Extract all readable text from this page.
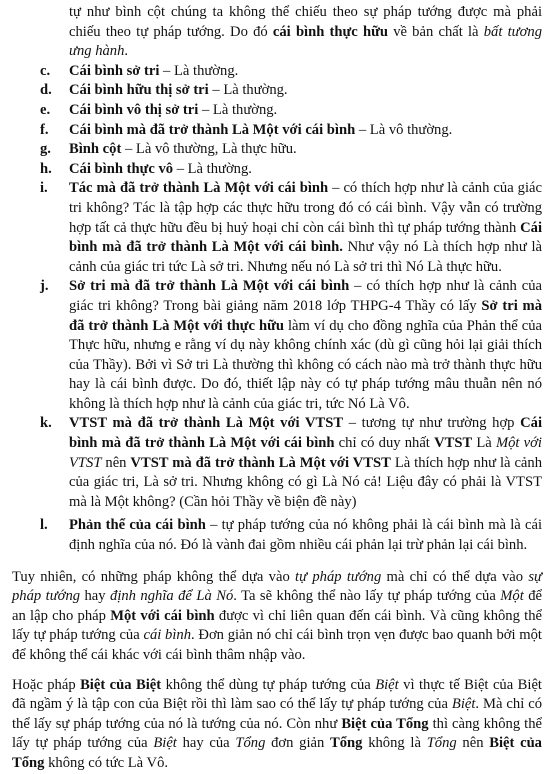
tự như bình cột chúng ta không thể chiếu theo sự pháp tướng được mà phải chiếu theo tự pháp tướng. Do đó cái bình thực hữu về bản chất là bất tương ưng hành.
c. Cái bình sở tri – Là thường.
d. Cái bình hữu thị sở tri – Là thường.
e. Cái bình vô thị sở tri – Là thường.
f. Cái bình mà đã trở thành Là Một với cái bình – Là vô thường.
g. Bình cột – Là vô thường, Là thực hữu.
h. Cái bình thực vô – Là thường.
i. Tác mà đã trở thành Là Một với cái bình – có thích hợp như là cảnh của giác tri không? Tác là tập hợp các thực hữu trong đó có cái bình. Vậy vẫn có trường hợp tất cả thực hữu đều bị huỷ hoại chỉ còn cái bình thì tự pháp tướng thành Cái bình mà đã trở thành Là Một với cái bình. Như vậy nó Là thích hợp như là cảnh của giác tri tức Là sở tri. Nhưng nếu nó Là sở tri thì Nó Là thực hữu.
j. Sở tri mà đã trở thành Là Một với cái bình – có thích hợp như là cảnh của giác tri không? Trong bài giảng năm 2018 lớp THPG-4 Thầy có lấy Sở tri mà đã trở thành Là Một với thực hữu làm ví dụ cho đồng nghĩa của Phản thể của Thực hữu, nhưng e rằng ví dụ này không chính xác (dù gì cũng hỏi lại giải thích của Thầy). Bởi vì Sở tri Là thường thì không có cách nào mà trở thành thực hữu hay là cái bình được. Do đó, thiết lập này có tự pháp tướng mâu thuẫn nên nó không là thích hợp như là cảnh của giác tri, tức Nó Là Vô.
k. VTST mà đã trở thành Là Một với VTST – tương tự như trường hợp Cái bình mà đã trở thành Là Một với cái bình chỉ có duy nhất VTST Là Một với VTST nên VTST mà đã trở thành Là Một với VTST Là thích hợp như là cảnh của giác tri, Là sở tri. Nhưng không có gì Là Nó cả! Liệu đây có phải là VTST mà là Một không? (Cần hỏi Thầy về biện đề này)
l. Phản thể của cái bình – tự pháp tướng của nó không phải là cái bình mà là cái định nghĩa của nó. Đó là vành đai gồm nhiều cái phản lại trừ phản lại cái bình.

Tuy nhiên, có những pháp không thể dựa vào tự pháp tướng mà chỉ có thể dựa vào sự pháp tướng hay định nghĩa để Là Nó. Ta sẽ không thể nào lấy tự pháp tướng của Một để an lập cho pháp Một với cái bình được vì chỉ liên quan đến cái bình. Và cũng không thể lấy tự pháp tướng của cái bình. Đơn giản nó chỉ cái bình trọn vẹn được bao quanh bởi một để không thể cái khác với cái bình thâm nhập vào.

Hoặc pháp Biệt của Biệt không thể dùng tự pháp tướng của Biệt vì thực tế Biệt của Biệt đã ngầm ý là tập con của Biệt rồi thì làm sao có thể lấy tự pháp tướng của Biệt. Mà chỉ có thể lấy sự pháp tướng của nó là tướng của nó. Còn như Biệt của Tổng thì càng không thể lấy tự pháp tướng của Biệt hay của Tổng đơn giản Tổng không là Tổng nên Biệt của Tổng không có tức Là Vô.
